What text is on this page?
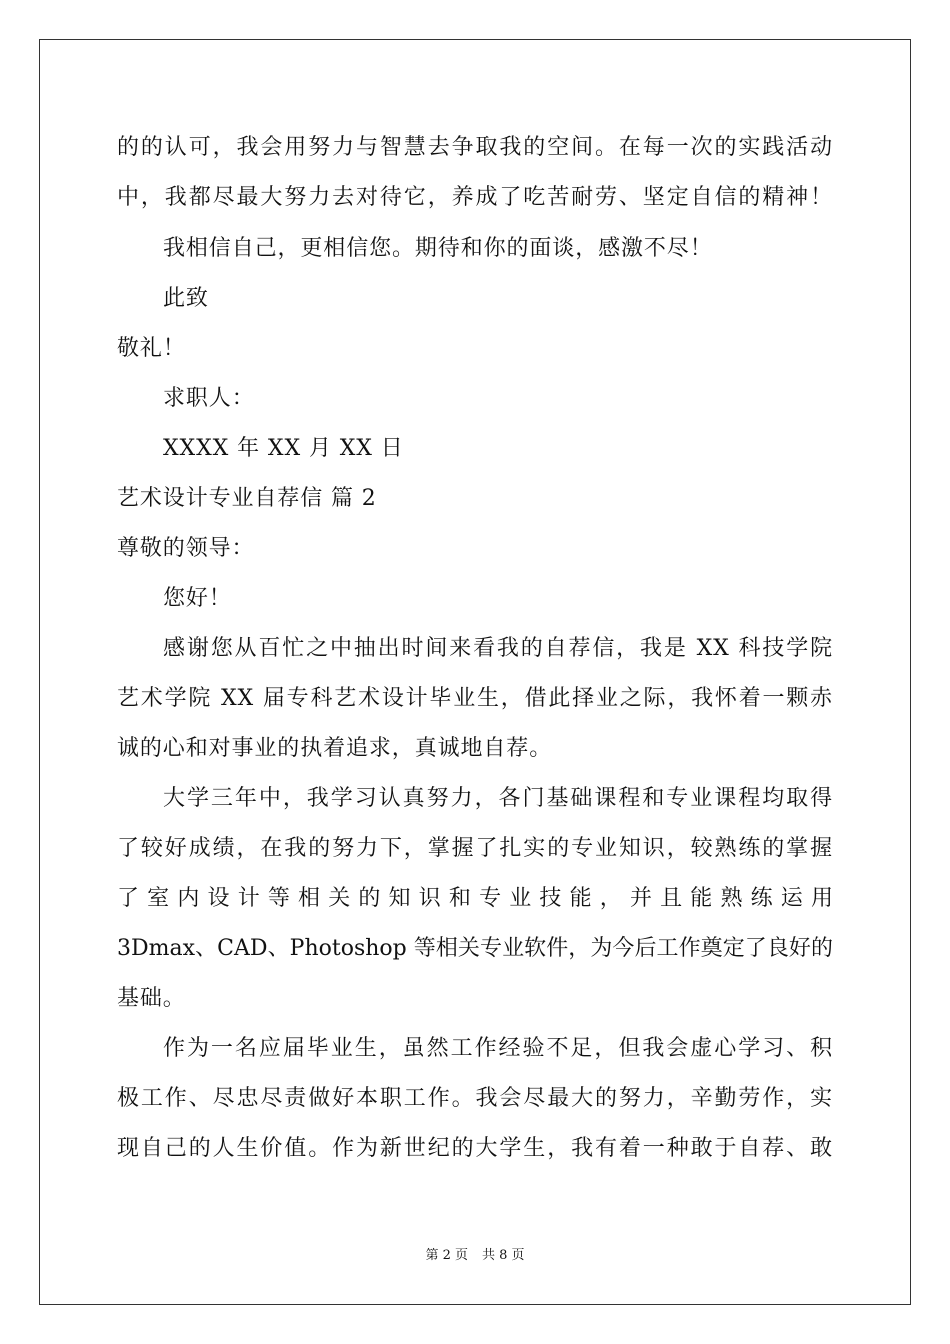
的的认可，我会用努力与智慧去争取我的空间。在每一次的实践活动
中，我都尽最大努力去对待它，养成了吃苦耐劳、坚定自信的精神！
我相信自己，更相信您。期待和你的面谈，感激不尽！
此致
敬礼！
求职人：
XXXX 年 XX 月 XX 日
艺术设计专业自荐信 篇 2
尊敬的领导：
您好！
感谢您从百忙之中抽出时间来看我的自荐信，我是 XX 科技学院
艺术学院 XX 届专科艺术设计毕业生，借此择业之际，我怀着一颗赤
诚的心和对事业的执着追求，真诚地自荐。
大学三年中，我学习认真努力，各门基础课程和专业课程均取得
了较好成绩，在我的努力下，掌握了扎实的专业知识，较熟练的掌握
了 室 内 设 计 等 相 关 的 知 识 和 专 业 技 能 ， 并 且 能 熟 练 运 用
3Dmax、CAD、Photoshop 等相关专业软件，为今后工作奠定了良好的
基础。
作为一名应届毕业生，虽然工作经验不足，但我会虚心学习、积
极工作、尽忠尽责做好本职工作。我会尽最大的努力，辛勤劳作，实
现自己的人生价值。作为新世纪的大学生，我有着一种敢于自荐、敢
第 2 页 共 8 页
